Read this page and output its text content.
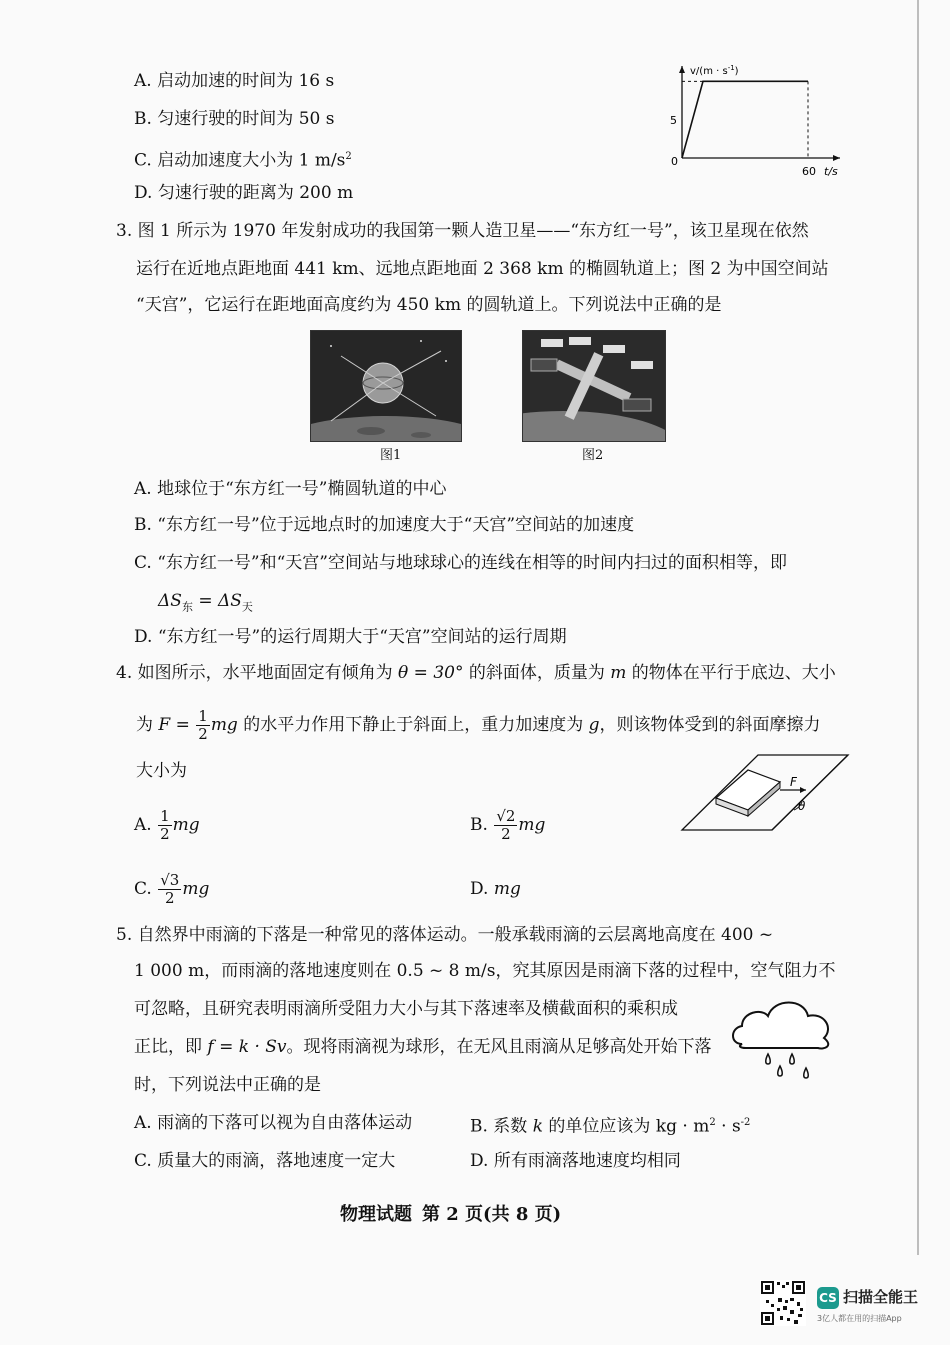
A. 启动加速的时间为 16 s
B. 匀速行驶的时间为 50 s
C. 启动加速度大小为 1 $m/s^2$
D. 匀速行驶的距离为 200 m
$v/(m \cdot s^{-1})$
5
0
60 t/s
3. 图 1 所示为 1970 年发射成功的我国第一颗人造卫星——“东方红一号”，该卫星现在依然
运行在近地点距地面 441 km、远地点距地面 2 368 km 的椭圆轨道上；图 2 为中国空间站
“天宫”，它运行在距地面高度约为 450 km 的圆轨道上。下列说法中正确的是
图1	图2
A. 地球位于“东方红一号”椭圆轨道的中心
B. “东方红一号”位于远地点时的加速度大于“天宫”空间站的加速度
C. “东方红一号”和“天宫”空间站与地球球心的连线在相等的时间内扫过的面积相等，即
$\Delta S_东 = \Delta S_天$
D. “东方红一号”的运行周期大于“天宫”空间站的运行周期
4. 如图所示，水平地面固定有倾角为 θ = 30° 的斜面体，质量为 m 的物体在平行于底边、大小
为 $F = \frac{1}{2}$ mg 的水平力作用下静止于斜面上，重力加速度为 g，则该物体受到的斜面摩擦力
大小为
A. $\frac{1}{2}$ mg	B. $\frac{√2}{2}$ mg
C. $\frac{√3}{2}$ mg	D. mg
F
θ
5. 自然界中雨滴的下落是一种常见的落体运动。一般承载雨滴的云层离地高度在 400 ~
1 000 m，而雨滴的落地速度则在 0.5 ~ 8 m/s，究其原因是雨滴下落的过程中，空气阻力不
可忽略，且研究表明雨滴所受阻力大小与其下落速率及横截面积的乘积成
正比，即 f = k · Sv。现将雨滴视为球形，在无风且雨滴从足够高处开始下落
时，下列说法中正确的是
A. 雨滴的下落可以视为自由落体运动	B. 系数 k 的单位应该为 kg · $m^2 \cdot s^{-2}$
C. 质量大的雨滴，落地速度一定大	D. 所有雨滴落地速度均相同
物理试题 第 2 页(共 8 页)
CS 扫描全能王
3亿人都在用的扫描App
